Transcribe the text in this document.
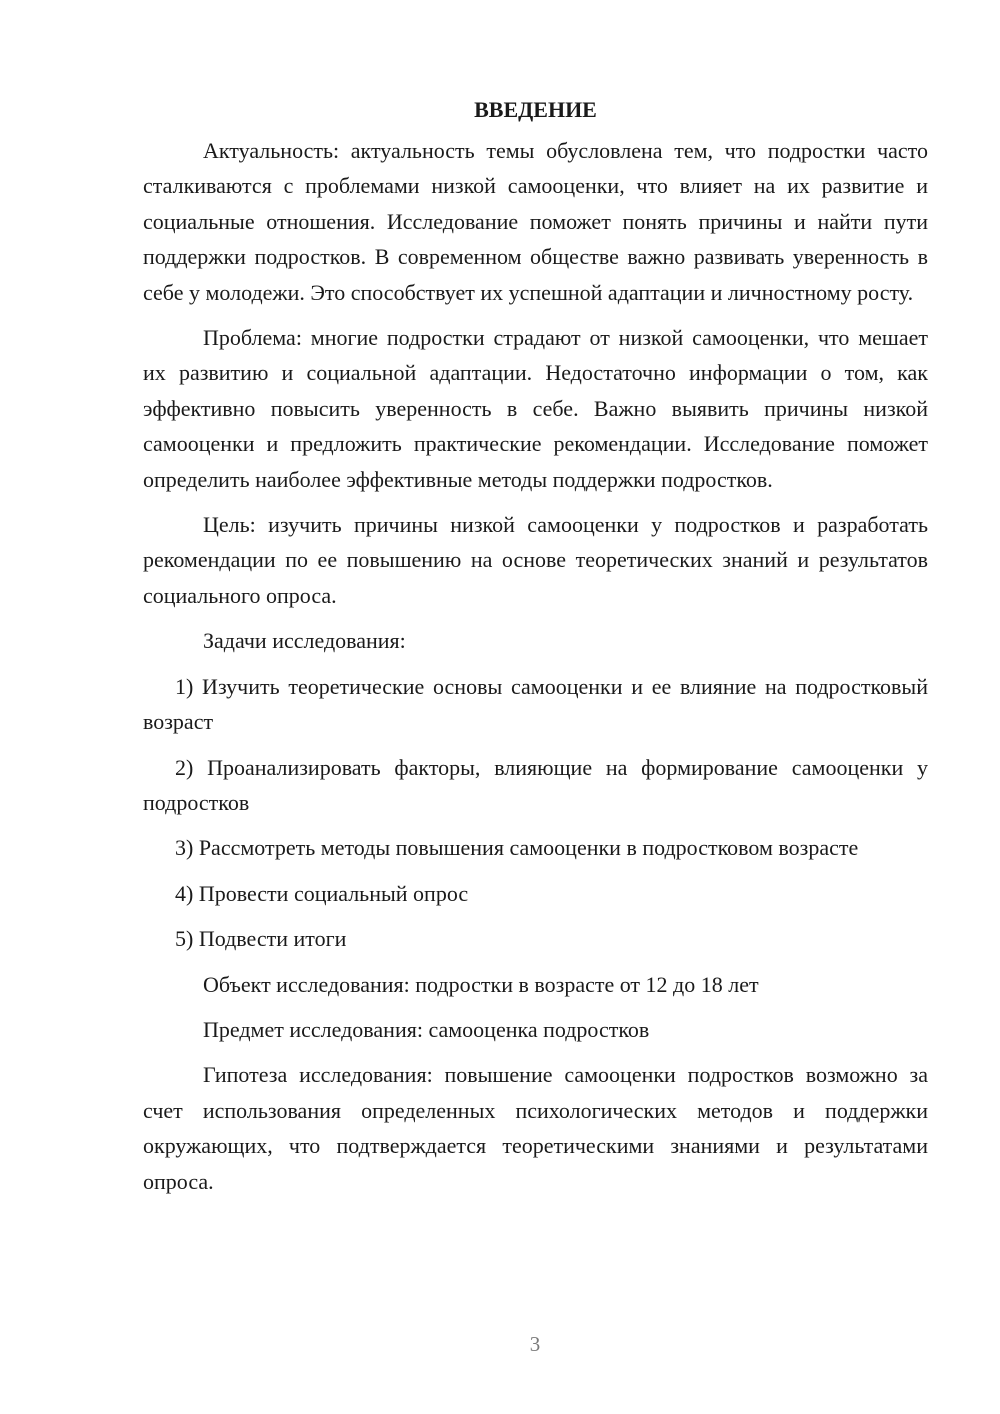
ВВЕДЕНИЕ

Актуальность: актуальность темы обусловлена тем, что подростки часто сталкиваются с проблемами низкой самооценки, что влияет на их развитие и социальные отношения. Исследование поможет понять причины и найти пути поддержки подростков. В современном обществе важно развивать уверенность в себе у молодежи. Это способствует их успешной адаптации и личностному росту.

Проблема: многие подростки страдают от низкой самооценки, что мешает их развитию и социальной адаптации. Недостаточно информации о том, как эффективно повысить уверенность в себе. Важно выявить причины низкой самооценки и предложить практические рекомендации. Исследование поможет определить наиболее эффективные методы поддержки подростков.

Цель: изучить причины низкой самооценки у подростков и разработать рекомендации по ее повышению на основе теоретических знаний и результатов социального опроса.

Задачи исследования:

1) Изучить теоретические основы самооценки и ее влияние на подростковый возраст

2) Проанализировать факторы, влияющие на формирование самооценки у подростков

3) Рассмотреть методы повышения самооценки в подростковом возрасте

4) Провести социальный опрос

5) Подвести итоги

Объект исследования: подростки в возрасте от 12 до 18 лет

Предмет исследования: самооценка подростков

Гипотеза исследования: повышение самооценки подростков возможно за счет использования определенных психологических методов и поддержки окружающих, что подтверждается теоретическими знаниями и результатами опроса.

3
